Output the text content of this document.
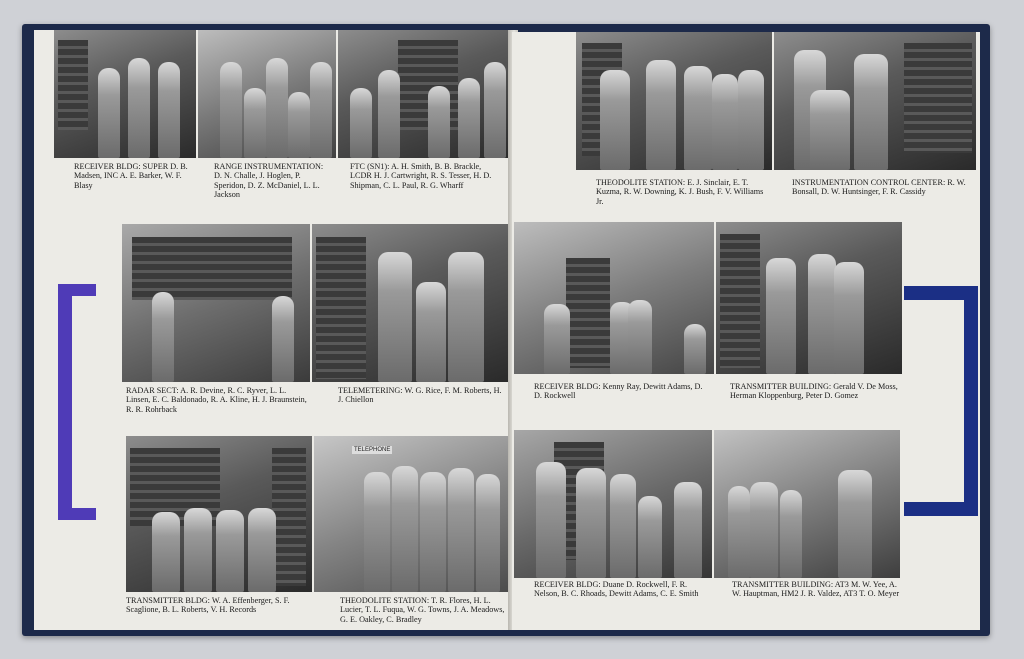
RECEIVER BLDG: SUPER D. B. Madsen, INC A. E. Barker, W. F. Blasy

RANGE INSTRUMENTATION: D. N. Challe, J. Hoglen, P. Speridon, D. Z. McDaniel, L. L. Jackson

FTC (SN1): A. H. Smith, B. B. Brackle, LCDR H. J. Cartwright, R. S. Tesser, H. D. Shipman, C. L. Paul, R. G. Wharff

RADAR SECT: A. R. Devine, R. C. Ryver, L. L. Linsen, E. C. Baldonado, R. A. Kline, H. J. Braunstein, R. R. Rohrback

TELEMETERING: W. G. Rice, F. M. Roberts, H. J. Chiellon

TELEPHONE

TRANSMITTER BLDG: W. A. Effenberger, S. F. Scaglione, B. L. Roberts, V. H. Records

THEODOLITE STATION: T. R. Flores, H. L. Lucier, T. L. Fuqua, W. G. Towns, J. A. Meadows, G. E. Oakley, C. Bradley

THEODOLITE STATION: E. J. Sinclair, E. T. Kuzma, R. W. Downing, K. J. Bush, F. V. Williams Jr.

INSTRUMENTATION CONTROL CENTER: R. W. Bonsall, D. W. Huntsinger, F. R. Cassidy

RECEIVER BLDG: Kenny Ray, Dewitt Adams, D. D. Rockwell

TRANSMITTER BUILDING: Gerald V. De Moss, Herman Kloppenburg, Peter D. Gomez

RECEIVER BLDG: Duane D. Rockwell, F. R. Nelson, B. C. Rhoads, Dewitt Adams, C. E. Smith

TRANSMITTER BUILDING: AT3 M. W. Yee, A. W. Hauptman, HM2 J. R. Valdez, AT3 T. O. Meyer
